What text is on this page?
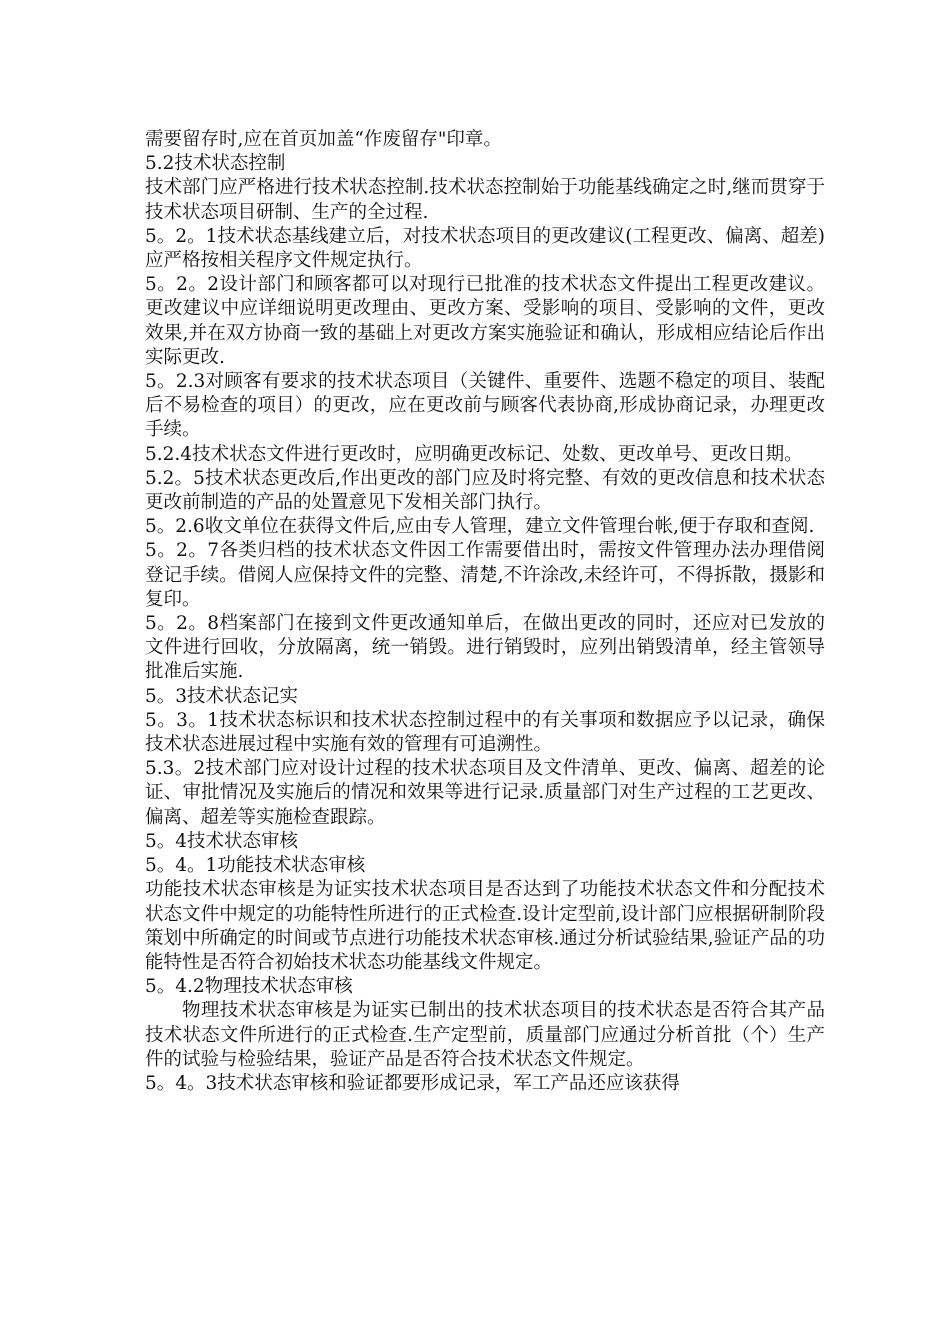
需要留存时,应在首页加盖“作废留存"印章。

5.2技术状态控制

技术部门应严格进行技术状态控制.技术状态控制始于功能基线确定之时,继而贯穿于技术状态项目研制、生产的全过程.

5。2。1技术状态基线建立后，对技术状态项目的更改建议(工程更改、偏离、超差)应严格按相关程序文件规定执行。

5。2。2设计部门和顾客都可以对现行已批准的技术状态文件提出工程更改建议。更改建议中应详细说明更改理由、更改方案、受影响的项目、受影响的文件，更改效果,并在双方协商一致的基础上对更改方案实施验证和确认，形成相应结论后作出实际更改.

5。2.3对顾客有要求的技术状态项目（关键件、重要件、选题不稳定的项目、装配后不易检查的项目）的更改，应在更改前与顾客代表协商,形成协商记录，办理更改手续。

5.2.4技术状态文件进行更改时，应明确更改标记、处数、更改单号、更改日期。

5.2。5技术状态更改后,作出更改的部门应及时将完整、有效的更改信息和技术状态更改前制造的产品的处置意见下发相关部门执行。

5。2.6收文单位在获得文件后,应由专人管理，建立文件管理台帐,便于存取和查阅.

5。2。7各类归档的技术状态文件因工作需要借出时，需按文件管理办法办理借阅登记手续。借阅人应保持文件的完整、清楚,不许涂改,未经许可，不得拆散，摄影和复印。

5。2。8档案部门在接到文件更改通知单后，在做出更改的同时，还应对已发放的文件进行回收，分放隔离，统一销毁。进行销毁时，应列出销毁清单，经主管领导批准后实施.

5。3技术状态记实

5。3。1技术状态标识和技术状态控制过程中的有关事项和数据应予以记录，确保技术状态进展过程中实施有效的管理有可追溯性。

5.3。2技术部门应对设计过程的技术状态项目及文件清单、更改、偏离、超差的论证、审批情况及实施后的情况和效果等进行记录.质量部门对生产过程的工艺更改、偏离、超差等实施检查跟踪。

5。4技术状态审核

5。4。1功能技术状态审核

功能技术状态审核是为证实技术状态项目是否达到了功能技术状态文件和分配技术状态文件中规定的功能特性所进行的正式检查.设计定型前,设计部门应根据研制阶段策划中所确定的时间或节点进行功能技术状态审核.通过分析试验结果,验证产品的功能特性是否符合初始技术状态功能基线文件规定。

5。4.2物理技术状态审核

物理技术状态审核是为证实已制出的技术状态项目的技术状态是否符合其产品技术状态文件所进行的正式检查.生产定型前，质量部门应通过分析首批（个）生产件的试验与检验结果，验证产品是否符合技术状态文件规定。

5。4。3技术状态审核和验证都要形成记录，军工产品还应该获得
